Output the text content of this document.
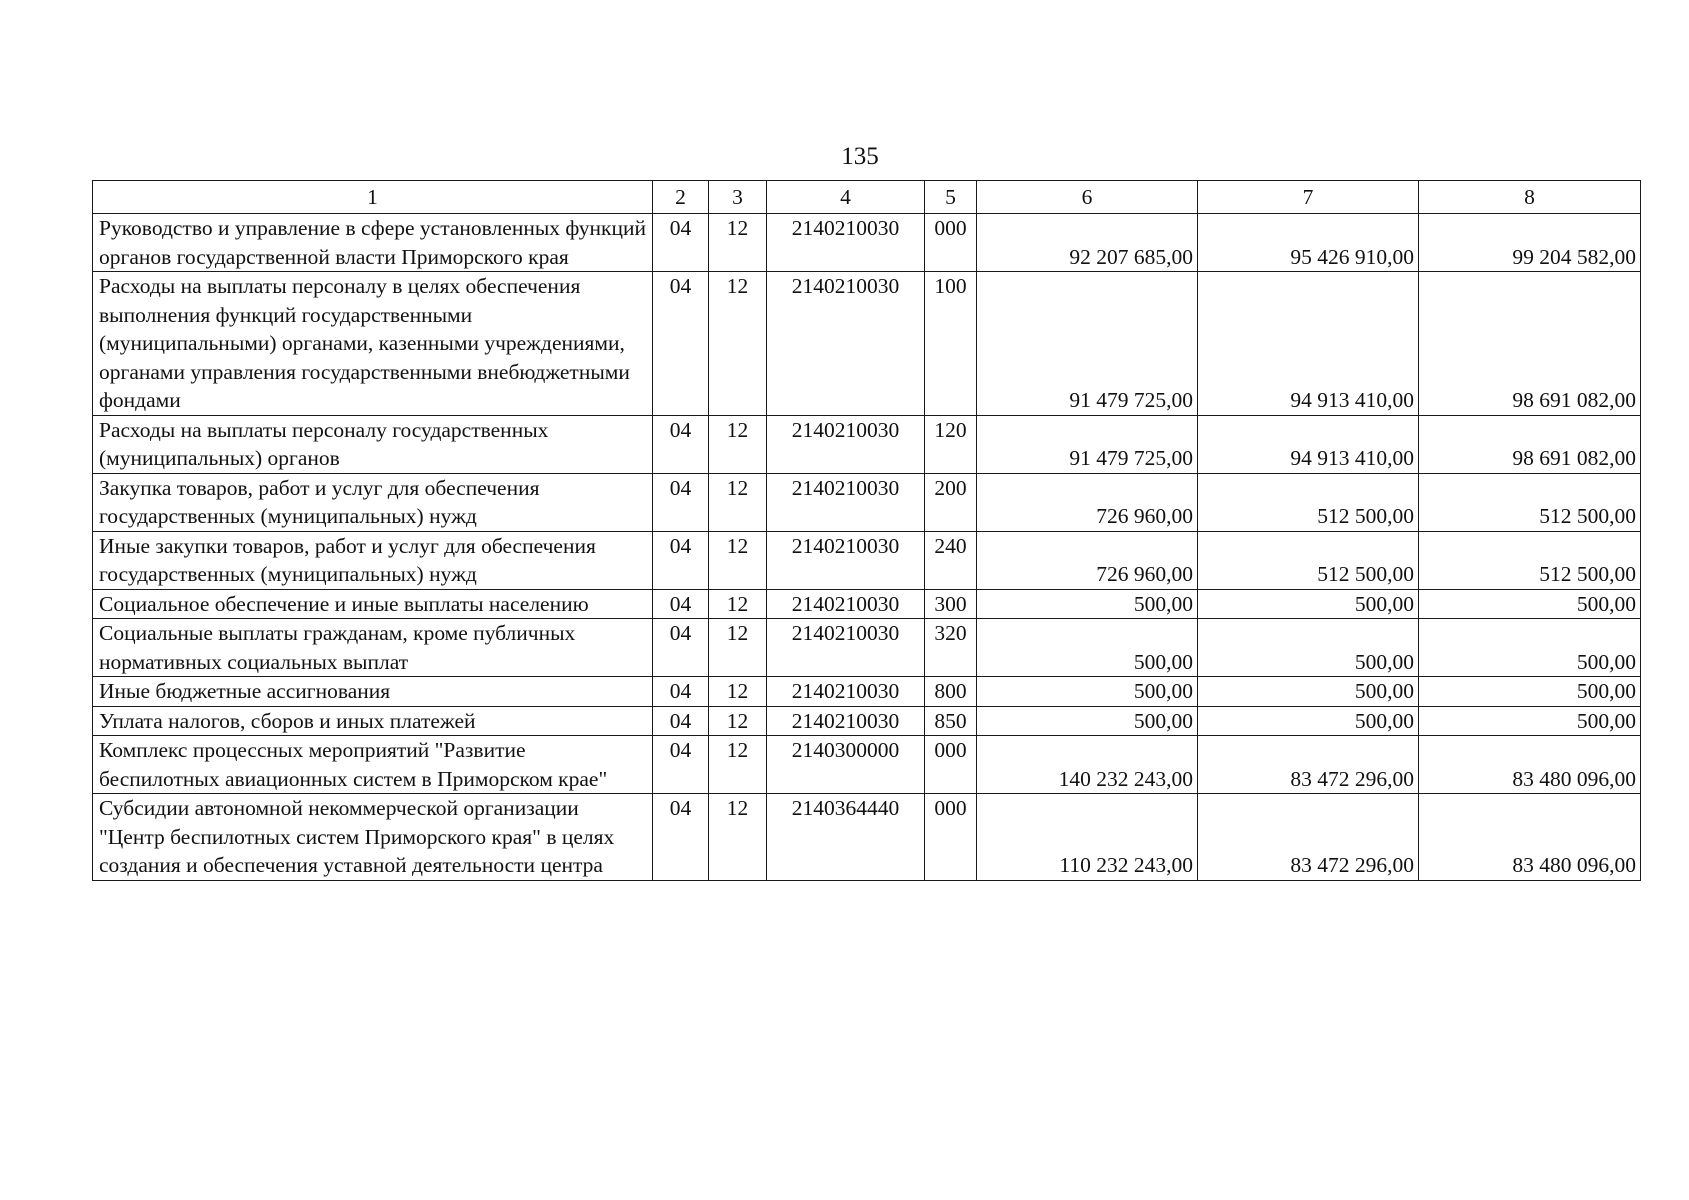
135
1	2	3	4	5	6	7	8
Руководство и управление в сфере установленных функций органов государственной власти Приморского края	04	12	2140210030	000	92 207 685,00	95 426 910,00	99 204 582,00
Расходы на выплаты персоналу в целях обеспечения выполнения функций государственными (муниципальными) органами, казенными учреждениями, органами управления государственными внебюджетными фондами	04	12	2140210030	100	91 479 725,00	94 913 410,00	98 691 082,00
Расходы на выплаты персоналу государственных (муниципальных) органов	04	12	2140210030	120	91 479 725,00	94 913 410,00	98 691 082,00
Закупка товаров, работ и услуг для обеспечения государственных (муниципальных) нужд	04	12	2140210030	200	726 960,00	512 500,00	512 500,00
Иные закупки товаров, работ и услуг для обеспечения государственных (муниципальных) нужд	04	12	2140210030	240	726 960,00	512 500,00	512 500,00
Социальное обеспечение и иные выплаты населению	04	12	2140210030	300	500,00	500,00	500,00
Социальные выплаты гражданам, кроме публичных нормативных социальных выплат	04	12	2140210030	320	500,00	500,00	500,00
Иные бюджетные ассигнования	04	12	2140210030	800	500,00	500,00	500,00
Уплата налогов, сборов и иных платежей	04	12	2140210030	850	500,00	500,00	500,00
Комплекс процессных мероприятий "Развитие беспилотных авиационных систем в Приморском крае"	04	12	2140300000	000	140 232 243,00	83 472 296,00	83 480 096,00
Субсидии автономной некоммерческой организации "Центр беспилотных систем Приморского края" в целях создания и обеспечения уставной деятельности центра	04	12	2140364440	000	110 232 243,00	83 472 296,00	83 480 096,00
